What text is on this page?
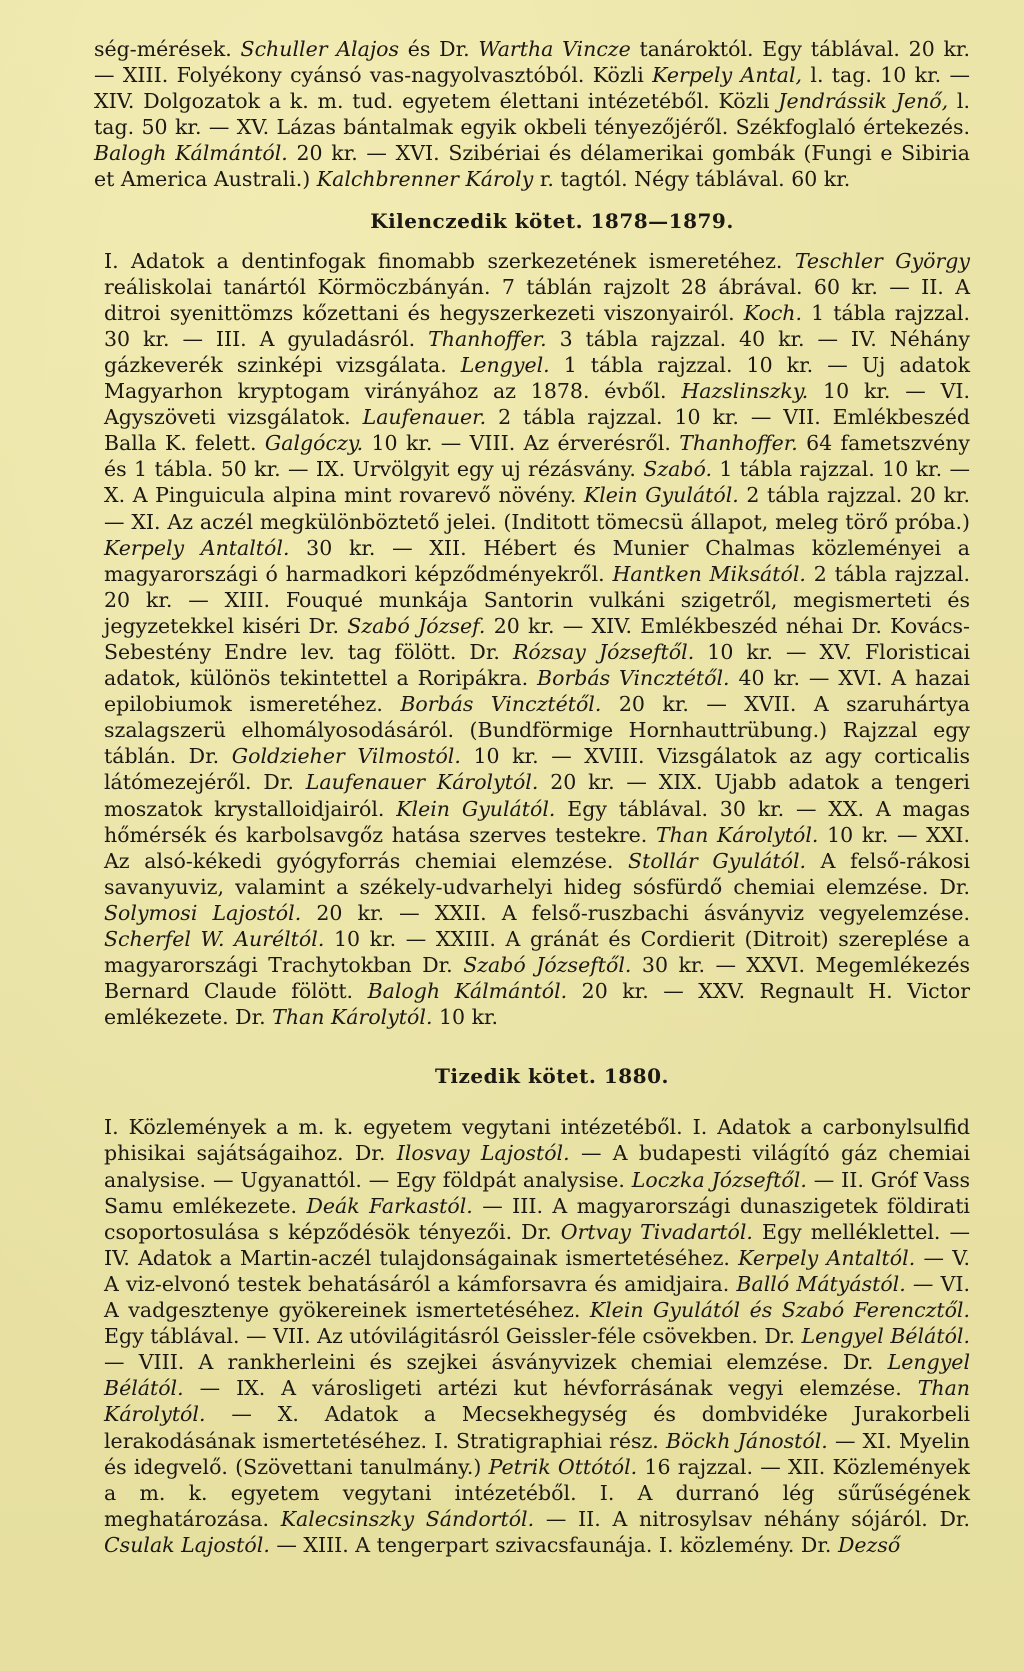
ség-mérések. Schuller Alajos és Dr. Wartha Vincze tanároktól. Egy táblával. 20 kr. — XIII. Folyékony cyánsó vas-nagyolvasztóból. Közli Kerpely Antal, l. tag. 10 kr. — XIV. Dolgozatok a k. m. tud. egyetem élettani intézetéből. Közli Jendrássik Jenő, l. tag. 50 kr. — XV. Lázas bántalmak egyik okbeli tényezőjéről. Székfoglaló értekezés. Balogh Kálmántól. 20 kr. — XVI. Szibériai és délamerikai gombák (Fungi e Sibiria et America Australi.) Kalchbrenner Károly r. tagtól. Négy táblával. 60 kr.

Kilenczedik kötet. 1878—1879.

I. Adatok a dentinfogak finomabb szerkezetének ismeretéhez. Teschler György reáliskolai tanártól Körmöczbányán. 7 táblán rajzolt 28 ábrával. 60 kr. — II. A ditroi syenittömzs kőzettani és hegyszerkezeti viszonyairól. Koch. 1 tábla rajzzal. 30 kr. — III. A gyuladásról. Thanhoffer. 3 tábla rajzzal. 40 kr. — IV. Néhány gázkeverék szinképi vizsgálata. Lengyel. 1 tábla rajzzal. 10 kr. — Uj adatok Magyarhon kryptogam virányához az 1878. évből. Hazslinszky. 10 kr. — VI. Agyszöveti vizsgálatok. Laufenauer. 2 tábla rajzzal. 10 kr. — VII. Emlékbeszéd Balla K. felett. Galgóczy. 10 kr. — VIII. Az érverésről. Thanhoffer. 64 fametszvény és 1 tábla. 50 kr. — IX. Urvölgyit egy uj rézásvány. Szabó. 1 tábla rajzzal. 10 kr. — X. A Pinguicula alpina mint rovarevő növény. Klein Gyulától. 2 tábla rajzzal. 20 kr. — XI. Az aczél megkülönböztető jelei. (Inditott tömecsü állapot, meleg törő próba.) Kerpely Antaltól. 30 kr. — XII. Hébert és Munier Chalmas közleményei a magyarországi ó harmadkori képződményekről. Hantken Miksától. 2 tábla rajzzal. 20 kr. — XIII. Fouqué munkája Santorin vulkáni szigetről, megismerteti és jegyzetekkel kiséri Dr. Szabó József. 20 kr. — XIV. Emlékbeszéd néhai Dr. Kovács-Sebestény Endre lev. tag fölött. Dr. Rózsay Józseftől. 10 kr. — XV. Floristicai adatok, különös tekintettel a Roripákra. Borbás Vincztétől. 40 kr. — XVI. A hazai epilobiumok ismeretéhez. Borbás Vincztétől. 20 kr. — XVII. A szaruhártya szalagszerü elhomályosodásáról. (Bundförmige Hornhauttrübung.) Rajzzal egy táblán. Dr. Goldzieher Vilmostól. 10 kr. — XVIII. Vizsgálatok az agy corticalis látómezejéről. Dr. Laufenauer Károlytól. 20 kr. — XIX. Ujabb adatok a tengeri moszatok krystalloidjairól. Klein Gyulától. Egy táblával. 30 kr. — XX. A magas hőmérsék és karbolsavgőz hatása szerves testekre. Than Károlytól. 10 kr. — XXI. Az alsó-kékedi gyógyforrás chemiai elemzése. Stollár Gyulától. A felső-rákosi savanyuviz, valamint a székely-udvarhelyi hideg sósfürdő chemiai elemzése. Dr. Solymosi Lajostól. 20 kr. — XXII. A felső-ruszbachi ásványviz vegyelemzése. Scherfel W. Auréltól. 10 kr. — XXIII. A gránát és Cordierit (Ditroit) szereplése a magyarországi Trachytokban Dr. Szabó Józseftől. 30 kr. — XXVI. Megemlékezés Bernard Claude fölött. Balogh Kálmántól. 20 kr. — XXV. Regnault H. Victor emlékezete. Dr. Than Károlytól. 10 kr.

Tizedik kötet. 1880.

I. Közlemények a m. k. egyetem vegytani intézetéből. I. Adatok a carbonylsulfid phisikai sajátságaihoz. Dr. Ilosvay Lajostól. — A budapesti világító gáz chemiai analysise. — Ugyanattól. — Egy földpát analysise. Loczka Józseftől. — II. Gróf Vass Samu emlékezete. Deák Farkastól. — III. A magyarországi dunaszigetek földirati csoportosulása s képződésök tényezői. Dr. Ortvay Tivadartól. Egy melléklettel. — IV. Adatok a Martin-aczél tulajdonságainak ismertetéséhez. Kerpely Antaltól. — V. A viz-elvonó testek behatásáról a kámforsavra és amidjaira. Balló Mátyástól. — VI. A vadgesztenye gyökereinek ismertetéséhez. Klein Gyulától és Szabó Ferencztől. Egy táblával. — VII. Az utóvilágitásról Geissler-féle csövekben. Dr. Lengyel Bélától. — VIII. A rankherleini és szejkei ásványvizek chemiai elemzése. Dr. Lengyel Bélától. — IX. A városligeti artézi kut hévforrásának vegyi elemzése. Than Károlytól. — X. Adatok a Mecsekhegység és dombvidéke Jurakorbeli lerakodásának ismertetéséhez. I. Stratigraphiai rész. Böckh Jánostól. — XI. Myelin és idegvelő. (Szövettani tanulmány.) Petrik Ottótól. 16 rajzzal. — XII. Közlemények a m. k. egyetem vegytani intézetéből. I. A durranó lég sűrűségének meghatározása. Kalecsinszky Sándortól. — II. A nitrosylsav néhány sójáról. Dr. Csulak Lajostól. — XIII. A tengerpart szivacsfaunája. I. közlemény. Dr. Dezső
